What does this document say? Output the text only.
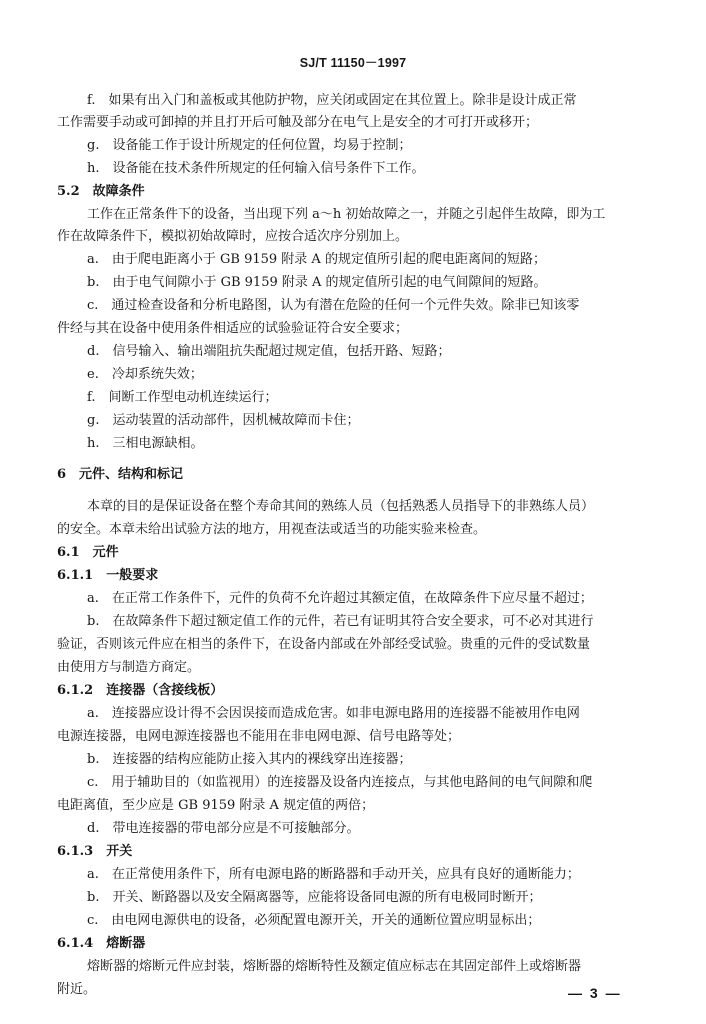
SJ/T 11150－1997
f.　如果有出入门和盖板或其他防护物，应关闭或固定在其位置上。除非是设计成正常
工作需要手动或可卸掉的并且打开后可触及部分在电气上是安全的才可打开或移开；
g.　设备能工作于设计所规定的任何位置，均易于控制；
h.　设备能在技术条件所规定的任何输入信号条件下工作。
5.2　故障条件
工作在正常条件下的设备，当出现下列 a～h 初始故障之一，并随之引起伴生故障，即为工
作在故障条件下，模拟初始故障时，应按合适次序分别加上。
a.　由于爬电距离小于 GB 9159 附录 A 的规定值所引起的爬电距离间的短路；
b.　由于电气间隙小于 GB 9159 附录 A 的规定值所引起的电气间隙间的短路。
c.　通过检查设备和分析电路图，认为有潜在危险的任何一个元件失效。除非已知该零
件经与其在设备中使用条件相适应的试验验证符合安全要求；
d.　信号输入、输出端阻抗失配超过规定值，包括开路、短路；
e.　冷却系统失效；
f.　间断工作型电动机连续运行；
g.　运动装置的活动部件，因机械故障而卡住；
h.　三相电源缺相。
6　元件、结构和标记
本章的目的是保证设备在整个寿命其间的熟练人员（包括熟悉人员指导下的非熟练人员）
的安全。本章未给出试验方法的地方，用视查法或适当的功能实验来检查。
6.1　元件
6.1.1　一般要求
a.　在正常工作条件下，元件的负荷不允许超过其额定值，在故障条件下应尽量不超过；
b.　在故障条件下超过额定值工作的元件，若已有证明其符合安全要求，可不必对其进行
验证，否则该元件应在相当的条件下，在设备内部或在外部经受试验。贵重的元件的受试数量
由使用方与制造方商定。
6.1.2　连接器（含接线板）
a.　连接器应设计得不会因误接而造成危害。如非电源电路用的连接器不能被用作电网
电源连接器，电网电源连接器也不能用在非电网电源、信号电路等处；
b.　连接器的结构应能防止接入其内的裸线穿出连接器；
c.　用于辅助目的（如监视用）的连接器及设备内连接点，与其他电路间的电气间隙和爬
电距离值，至少应是 GB 9159 附录 A 规定值的两倍；
d.　带电连接器的带电部分应是不可接触部分。
6.1.3　开关
a.　在正常使用条件下，所有电源电路的断路器和手动开关，应具有良好的通断能力；
b.　开关、断路器以及安全隔离器等，应能将设备同电源的所有电极同时断开；
c.　由电网电源供电的设备，必须配置电源开关，开关的通断位置应明显标出；
6.1.4　熔断器
熔断器的熔断元件应封装，熔断器的熔断特性及额定值应标志在其固定部件上或熔断器
附近。	— 3 —
